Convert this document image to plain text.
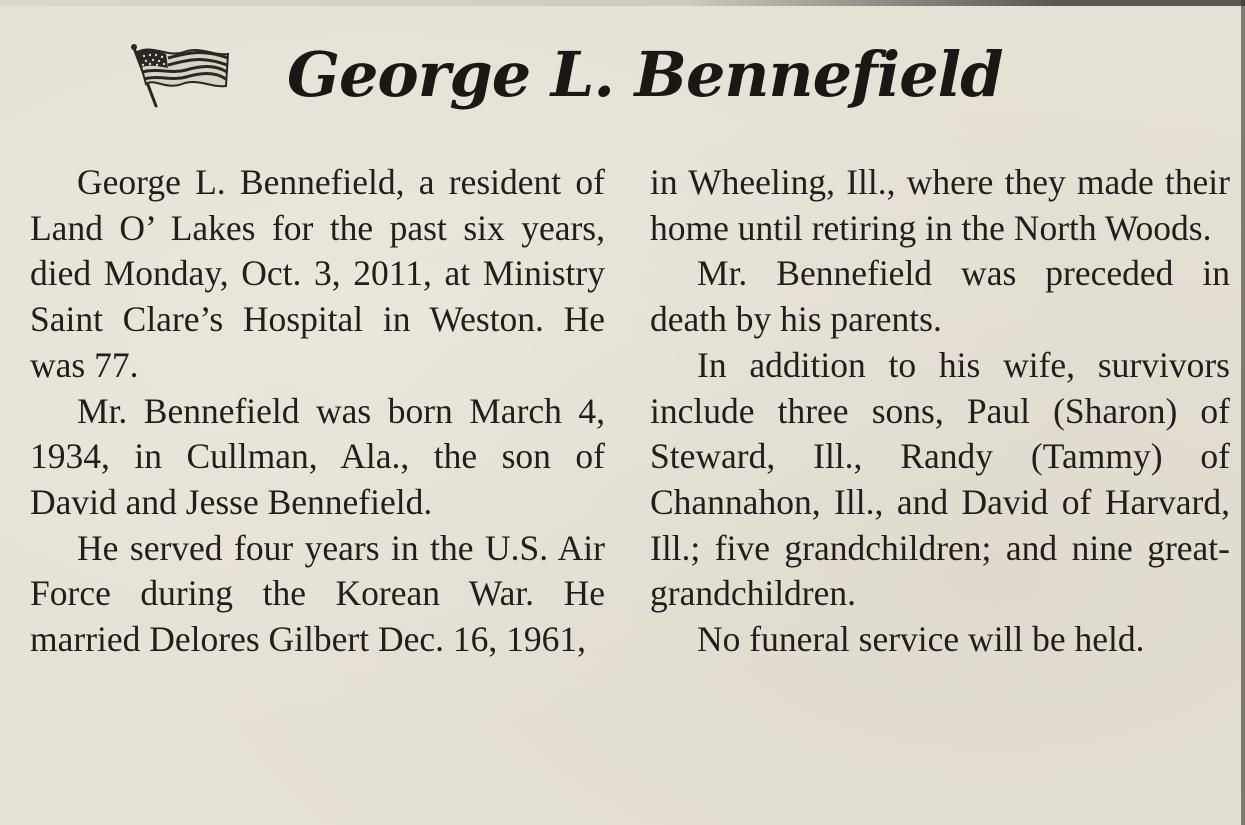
George L. Bennefield

George L. Bennefield, a resident of Land O’ Lakes for the past six years, died Monday, Oct. 3, 2011, at Ministry Saint Clare’s Hospital in Weston. He was 77.

Mr. Bennefield was born March 4, 1934, in Cullman, Ala., the son of David and Jesse Bennefield.

He served four years in the U.S. Air Force during the Korean War. He married Delores Gilbert Dec. 16, 1961,

in Wheeling, Ill., where they made their home until retiring in the North Woods.

Mr. Bennefield was preceded in death by his parents.

In addition to his wife, survivors include three sons, Paul (Sharon) of Steward, Ill., Randy (Tammy) of Channahon, Ill., and David of Harvard, Ill.; five grandchildren; and nine great-grandchildren.

No funeral service will be held.
